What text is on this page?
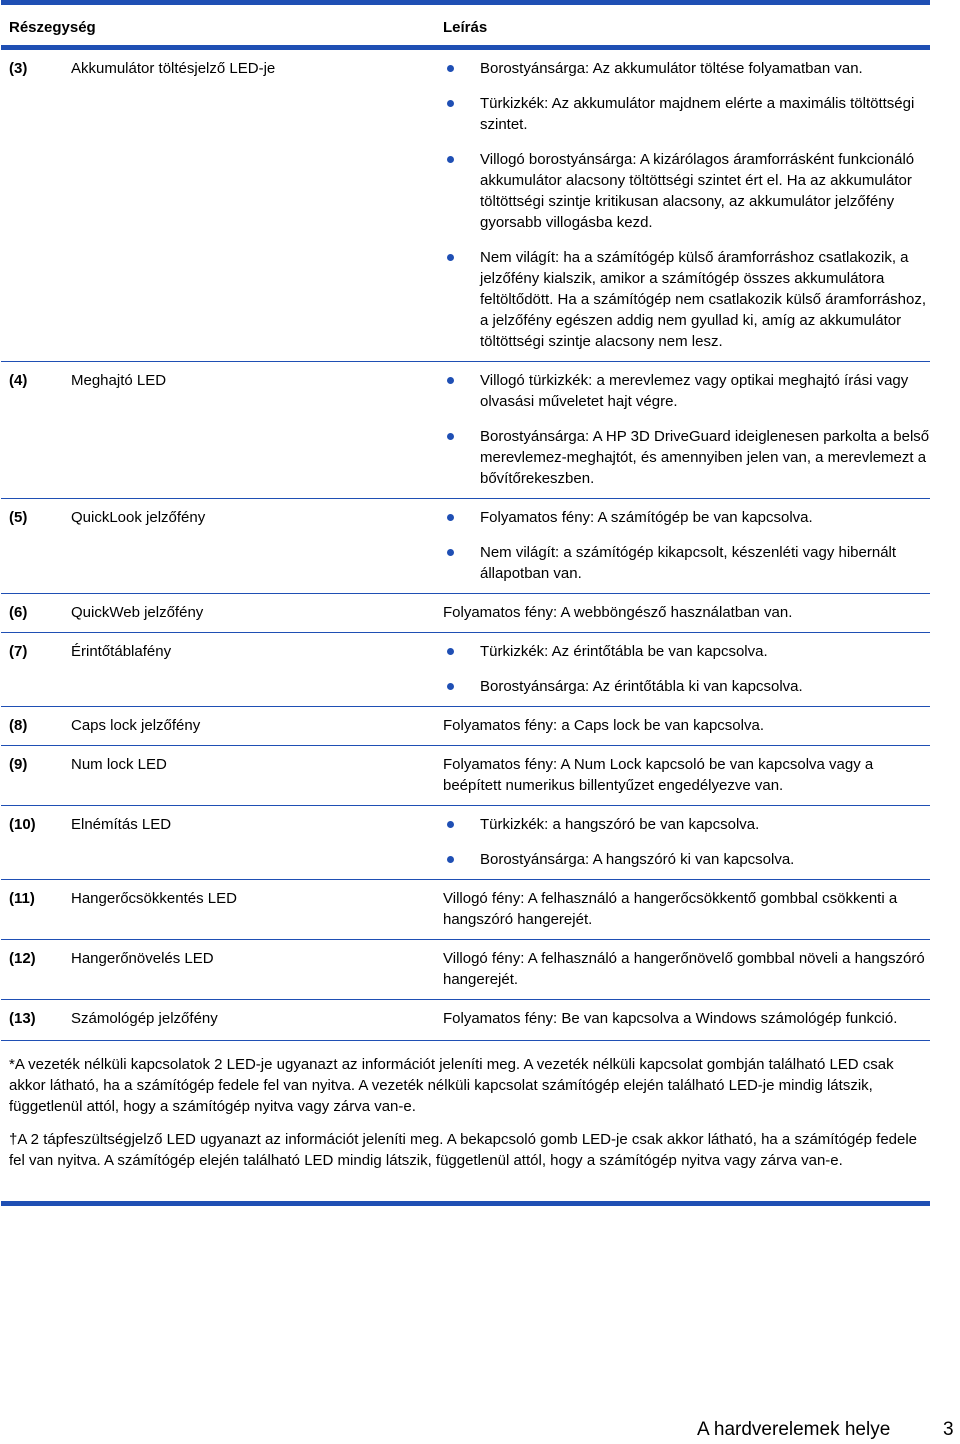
Részegység	Leírás
(3)	Akkumulátor töltésjelző LED-je	Borostyánsárga: Az akkumulátor töltése folyamatban van.
Türkizkék: Az akkumulátor majdnem elérte a maximális töltöttségi szintet.
Villogó borostyánsárga: A kizárólagos áramforrásként funkcionáló akkumulátor alacsony töltöttségi szintet ért el. Ha az akkumulátor töltöttségi szintje kritikusan alacsony, az akkumulátor jelzőfény gyorsabb villogásba kezd.
Nem világít: ha a számítógép külső áramforráshoz csatlakozik, a jelzőfény kialszik, amikor a számítógép összes akkumulátora feltöltődött. Ha a számítógép nem csatlakozik külső áramforráshoz, a jelzőfény egészen addig nem gyullad ki, amíg az akkumulátor töltöttségi szintje alacsony nem lesz.
(4)	Meghajtó LED	Villogó türkizkék: a merevlemez vagy optikai meghajtó írási vagy olvasási műveletet hajt végre.
Borostyánsárga: A HP 3D DriveGuard ideiglenesen parkolta a belső merevlemez-meghajtót, és amennyiben jelen van, a merevlemezt a bővítőrekeszben.
(5)	QuickLook jelzőfény	Folyamatos fény: A számítógép be van kapcsolva.
Nem világít: a számítógép kikapcsolt, készenléti vagy hibernált állapotban van.
(6)	QuickWeb jelzőfény	Folyamatos fény: A webböngésző használatban van.
(7)	Érintőtáblafény	Türkizkék: Az érintőtábla be van kapcsolva.
Borostyánsárga: Az érintőtábla ki van kapcsolva.
(8)	Caps lock jelzőfény	Folyamatos fény: a Caps lock be van kapcsolva.
(9)	Num lock LED	Folyamatos fény: A Num Lock kapcsoló be van kapcsolva vagy a beépített numerikus billentyűzet engedélyezve van.
(10)	Elnémítás LED	Türkizkék: a hangszóró be van kapcsolva.
Borostyánsárga: A hangszóró ki van kapcsolva.
(11)	Hangerőcsökkentés LED	Villogó fény: A felhasználó a hangerőcsökkentő gombbal csökkenti a hangszóró hangerejét.
(12)	Hangerőnövelés LED	Villogó fény: A felhasználó a hangerőnövelő gombbal növeli a hangszóró hangerejét.
(13)	Számológép jelzőfény	Folyamatos fény: Be van kapcsolva a Windows számológép funkció.

*A vezeték nélküli kapcsolatok 2 LED-je ugyanazt az információt jeleníti meg. A vezeték nélküli kapcsolat gombján található LED csak akkor látható, ha a számítógép fedele fel van nyitva. A vezeték nélküli kapcsolat számítógép elején található LED-je mindig látszik, függetlenül attól, hogy a számítógép nyitva vagy zárva van-e.

†A 2 tápfeszültségjelző LED ugyanazt az információt jeleníti meg. A bekapcsoló gomb LED-je csak akkor látható, ha a számítógép fedele fel van nyitva. A számítógép elején található LED mindig látszik, függetlenül attól, hogy a számítógép nyitva vagy zárva van-e.

A hardverelemek helye	3
